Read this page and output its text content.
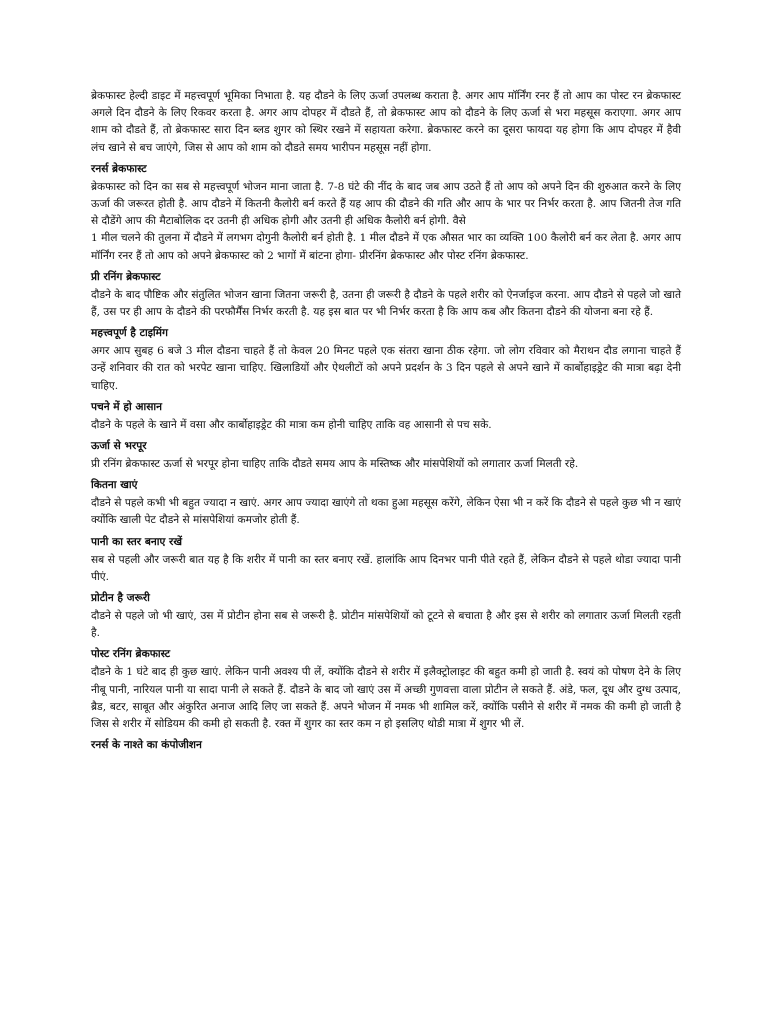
ब्रेकफास्ट हेल्दी डाइट में महत्त्वपूर्ण भूमिका निभाता है. यह दौडने के लिए ऊर्जा उपलब्ध कराता है. अगर आप मॉर्निंग रनर हैं तो आप का पोस्ट रन ब्रेकफास्ट अगले दिन दौडने के लिए रिकवर करता है. अगर आप दोपहर में दौडते हैं, तो ब्रेकफास्ट आप को दौडने के लिए ऊर्जा से भरा महसूस कराएगा. अगर आप शाम को दौडते हैं, तो ब्रेकफास्ट सारा दिन ब्लड शुगर को स्थिर रखने में सहायता करेगा. ब्रेकफास्ट करने का दूसरा फायदा यह होगा कि आप दोपहर में हैवी लंच खाने से बच जाएंगे, जिस से आप को शाम को दौडते समय भारीपन महसूस नहीं होगा.

रनर्स ब्रेकफास्ट

ब्रेकफास्ट को दिन का सब से महत्त्वपूर्ण भोजन माना जाता है. 7-8 घंटे की नींद के बाद जब आप उठते हैं तो आप को अपने दिन की शुरुआत करने के लिए ऊर्जा की जरूरत होती है. आप दौडने में कितनी कैलोरी बर्न करते हैं यह आप की दौडने की गति और आप के भार पर निर्भर करता है. आप जितनी तेज गति से दौडेंगे आप की मैटाबोलिक दर उतनी ही अधिक होगी और उतनी ही अधिक कैलोरी बर्न होगी. वैसे

1 मील चलने की तुलना में दौडने में लगभग दोगुनी कैलोरी बर्न होती है. 1 मील दौडने में एक औसत भार का व्यक्ति 100 कैलोरी बर्न कर लेता है. अगर आप मॉर्निंग रनर हैं तो आप को अपने ब्रेकफास्ट को 2 भागों में बांटना होगा- प्रीरनिंग ब्रेकफास्ट और पोस्ट रनिंग ब्रेकफास्ट.

प्री रनिंग ब्रेकफास्ट

दौडने के बाद पौष्टिक और संतुलित भोजन खाना जितना जरूरी है, उतना ही जरूरी है दौडने के पहले शरीर को ऐनर्जाइज करना. आप दौडने से पहले जो खाते हैं, उस पर ही आप के दौडने की परफौर्मैंस निर्भर करती है. यह इस बात पर भी निर्भर करता है कि आप कब और कितना दौडने की योजना बना रहे हैं.

महत्त्वपूर्ण है टाइमिंग

अगर आप सुबह 6 बजे 3 मील दौडना चाहते हैं तो केवल 20 मिनट पहले एक संतरा खाना ठीक रहेगा. जो लोग रविवार को मैराथन दौड लगाना चाहते हैं उन्हें शनिवार की रात को भरपेट खाना चाहिए. खिलाडियों और ऐथलीटों को अपने प्रदर्शन के 3 दिन पहले से अपने खाने में कार्बोहाइड्रेट की मात्रा बढ़ा देनी चाहिए.

पचने में हो आसान

दौडने के पहले के खाने में वसा और कार्बोहाइड्रेट की मात्रा कम होनी चाहिए ताकि वह आसानी से पच सके.

ऊर्जा से भरपूर

प्री रनिंग ब्रेकफास्ट ऊर्जा से भरपूर होना चाहिए ताकि दौडते समय आप के मस्तिष्क और मांसपेशियों को लगातार ऊर्जा मिलती रहे.

कितना खाएं

दौडने से पहले कभी भी बहुत ज्यादा न खाएं. अगर आप ज्यादा खाएंगे तो थका हुआ महसूस करेंगे, लेकिन ऐसा भी न करें कि दौडने से पहले कुछ भी न खाएं क्योंकि खाली पेट दौडने से मांसपेशियां कमजोर होती हैं.

पानी का स्तर बनाए रखें

सब से पहली और जरूरी बात यह है कि शरीर में पानी का स्तर बनाए रखें. हालांकि आप दिनभर पानी पीते रहते हैं, लेकिन दौडने से पहले थोडा ज्यादा पानी पीएं.

प्रोटीन है जरूरी

दौडने से पहले जो भी खाएं, उस में प्रोटीन होना सब से जरूरी है. प्रोटीन मांसपेशियों को टूटने से बचाता है और इस से शरीर को लगातार ऊर्जा मिलती रहती है.

पोस्ट रनिंग ब्रेकफास्ट

दौडने के 1 घंटे बाद ही कुछ खाएं. लेकिन पानी अवश्य पी लें, क्योंकि दौडने से शरीर में इलैक्ट्रोलाइट की बहुत कमी हो जाती है. स्वयं को पोषण देने के लिए नीबू पानी, नारियल पानी या सादा पानी ले सकते हैं. दौडने के बाद जो खाएं उस में अच्छी गुणवत्ता वाला प्रोटीन ले सकते हैं. अंडे, फल, दूध और दुग्ध उत्पाद, ब्रैड, बटर, साबूत और अंकुरित अनाज आदि लिए जा सकते हैं. अपने भोजन में नमक भी शामिल करें, क्योंकि पसीने से शरीर में नमक की कमी हो जाती है जिस से शरीर में सोडियम की कमी हो सकती है. रक्त में शुगर का स्तर कम न हो इसलिए थोडी मात्रा में शुगर भी लें.

रनर्स के नाश्ते का कंपोजीशन
